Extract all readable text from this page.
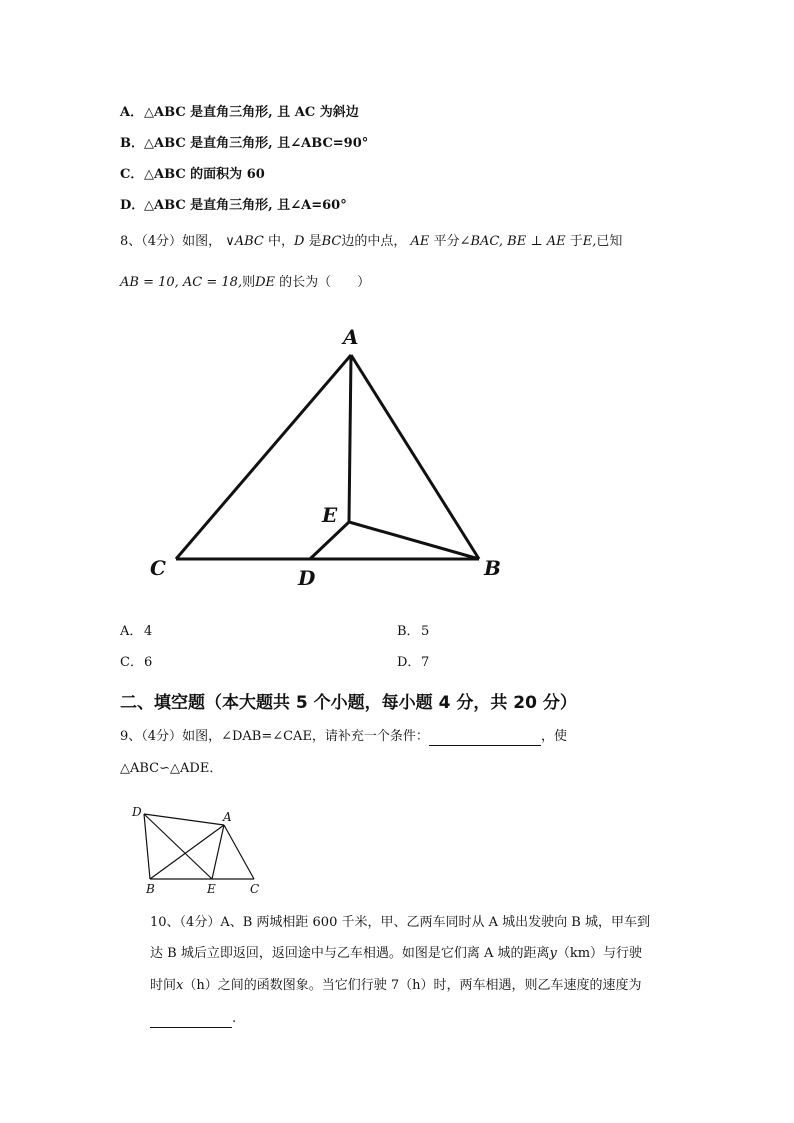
A．△ABC 是直角三角形, 且 AC 为斜边
B．△ABC 是直角三角形, 且∠ABC=90°
C．△ABC 的面积为 60
D．△ABC 是直角三角形, 且∠A=60°
8、（4分）如图， ∨ABC 中，D 是BC边的中点， AE 平分∠BAC, BE ⊥ AE 于E,已知
AB = 10, AC = 18,则DE 的长为（　　）
A
E
C	D	B
A． 4	B．5
C．6	D．7
二、填空题（本大题共 5 个小题，每小题 4 分，共 20 分）
9、（4分）如图，∠DAB=∠CAE，请补充一个条件：	，使
△ABC∽△ADE．
D	A
B	E	C
10、（4分）A、B 两城相距 600 千米，甲、乙两车同时从 A 城出发驶向 B 城，甲车到
达 B 城后立即返回，返回途中与乙车相遇。如图是它们离 A 城的距离y（km）与行驶
时间x（h）之间的函数图象。当它们行驶 7（h）时，两车相遇，则乙车速度的速度为
.
